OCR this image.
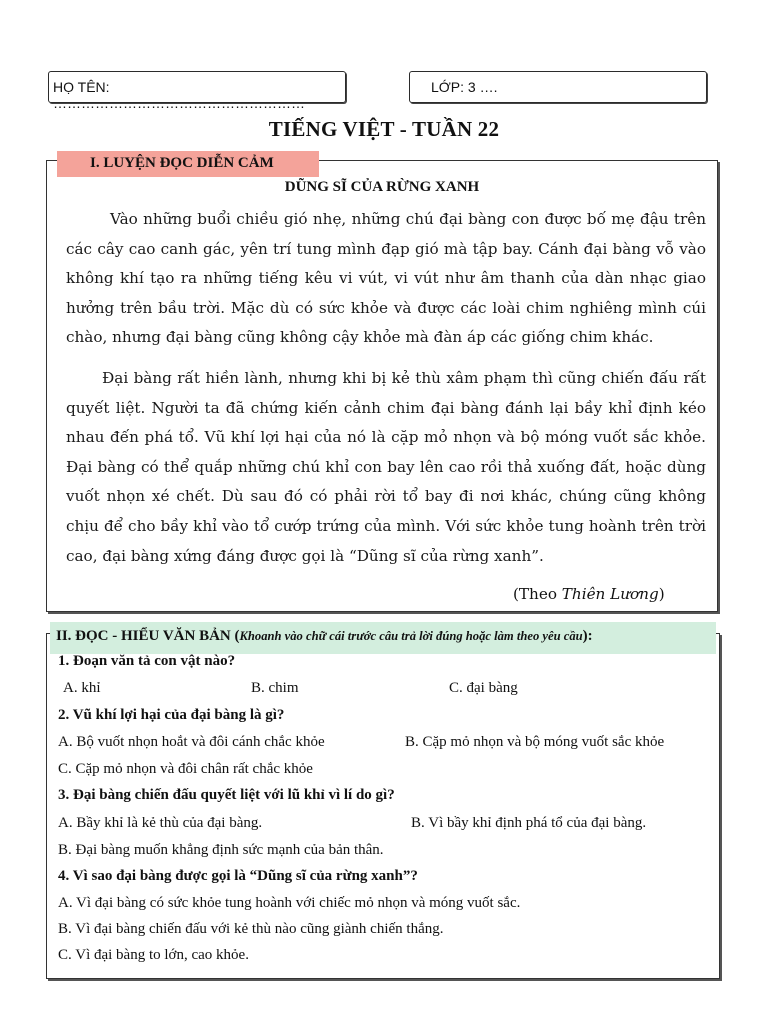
HỌ TÊN: ………………………………………………
LỚP: 3 ….
TIẾNG VIỆT - TUẦN 22
I. LUYỆN ĐỌC DIỄN CẢM
DŨNG SĨ CỦA RỪNG XANH

Vào những buổi chiều gió nhẹ, những chú đại bàng con được bố mẹ đậu trên các cây cao canh gác, yên trí tung mình đạp gió mà tập bay. Cánh đại bàng vỗ vào không khí tạo ra những tiếng kêu vi vút, vi vút như âm thanh của dàn nhạc giao hưởng trên bầu trời. Mặc dù có sức khỏe và được các loài chim nghiêng mình cúi chào, nhưng đại bàng cũng không cậy khỏe mà đàn áp các giống chim khác.

Đại bàng rất hiền lành, nhưng khi bị kẻ thù xâm phạm thì cũng chiến đấu rất quyết liệt. Người ta đã chứng kiến cảnh chim đại bàng đánh lại bầy khỉ định kéo nhau đến phá tổ. Vũ khí lợi hại của nó là cặp mỏ nhọn và bộ móng vuốt sắc khỏe. Đại bàng có thể quắp những chú khỉ con bay lên cao rồi thả xuống đất, hoặc dùng vuốt nhọn xé chết. Dù sau đó có phải rời tổ bay đi nơi khác, chúng cũng không chịu để cho bầy khỉ vào tổ cướp trứng của mình. Với sức khỏe tung hoành trên trời cao, đại bàng xứng đáng được gọi là “Dũng sĩ của rừng xanh”.

(Theo Thiên Lương)
II. ĐỌC - HIỂU VĂN BẢN (Khoanh vào chữ cái trước câu trả lời đúng hoặc làm theo yêu cầu):
1. Đoạn văn tả con vật nào?
A. khỉ	B. chim	C. đại bàng
2. Vũ khí lợi hại của đại bàng là gì?
A. Bộ vuốt nhọn hoắt và đôi cánh chắc khỏe	B. Cặp mỏ nhọn và bộ móng vuốt sắc khỏe
C. Cặp mỏ nhọn và đôi chân rất chắc khỏe
3. Đại bàng chiến đấu quyết liệt với lũ khỉ vì lí do gì?
A. Bầy khỉ là kẻ thù của đại bàng.	B. Vì bầy khỉ định phá tổ của đại bàng.
B. Đại bàng muốn khẳng định sức mạnh của bản thân.
4. Vì sao đại bàng được gọi là “Dũng sĩ của rừng xanh”?
A. Vì đại bàng có sức khỏe tung hoành với chiếc mỏ nhọn và móng vuốt sắc.
B. Vì đại bàng chiến đấu với kẻ thù nào cũng giành chiến thắng.
C. Vì đại bàng to lớn, cao khỏe.
